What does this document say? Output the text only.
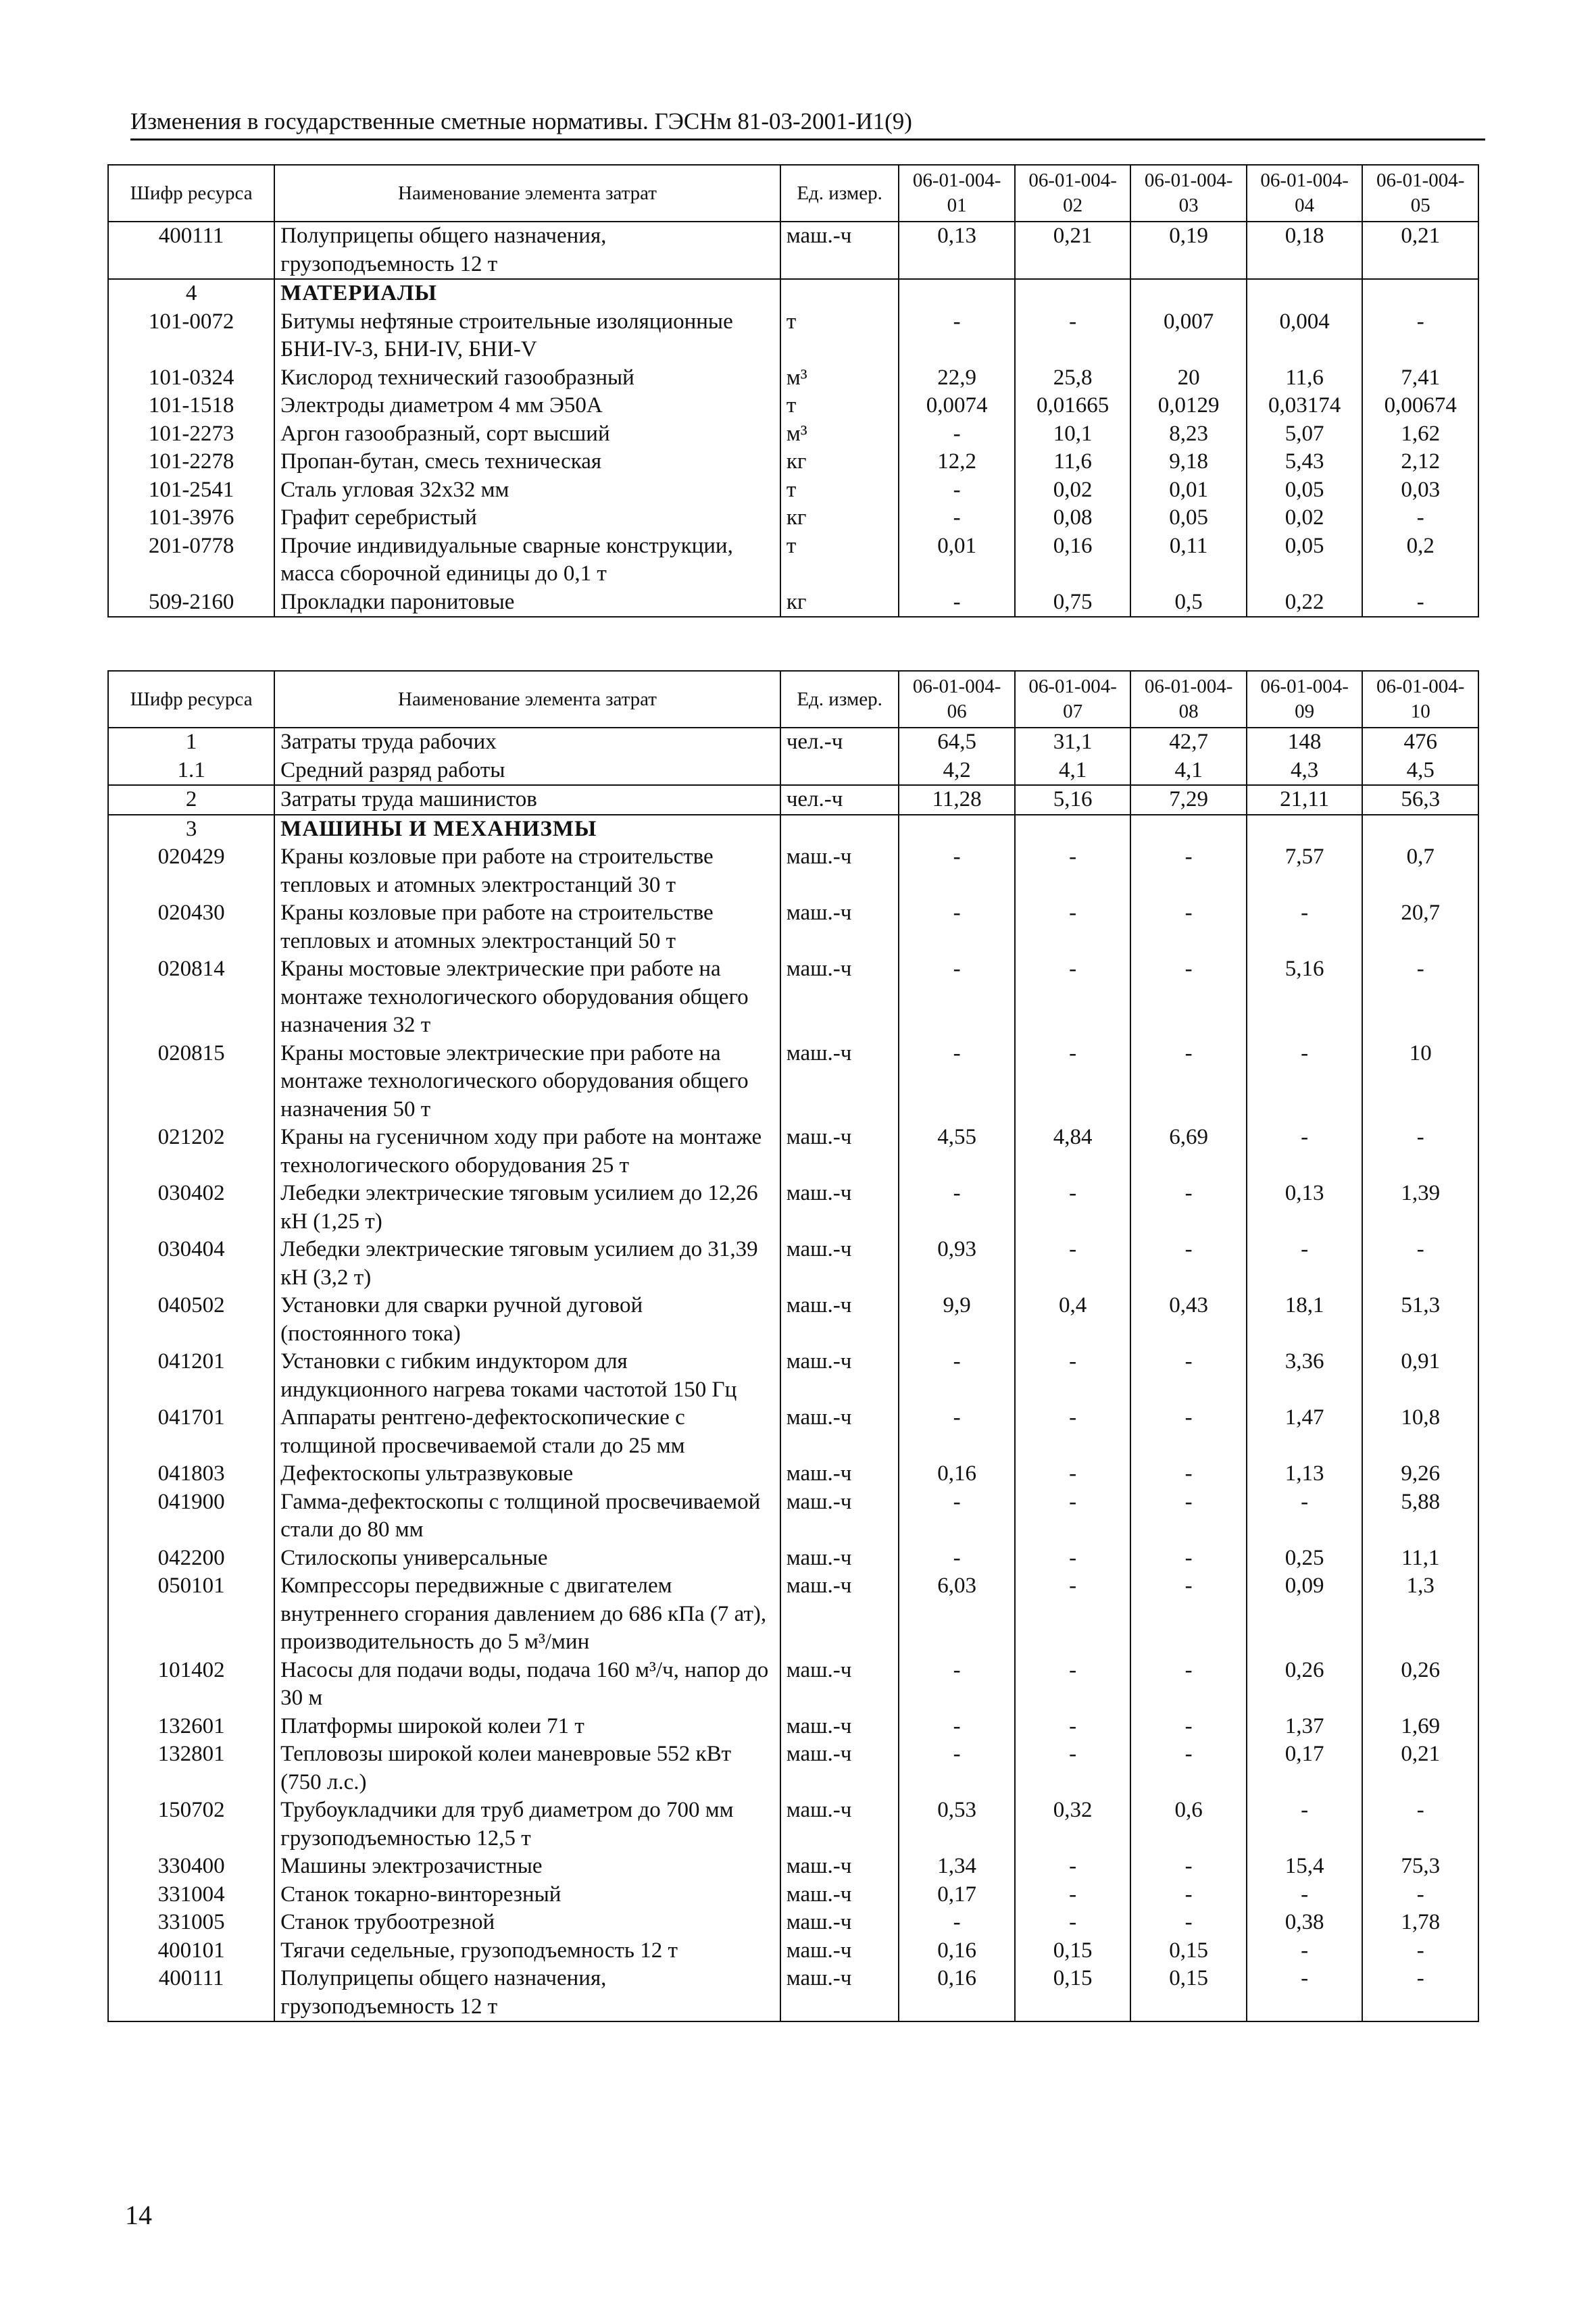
Изменения в государственные сметные нормативы. ГЭСНм 81-03-2001-И1(9)
Шифр ресурса	Наименование элемента затрат	Ед. измер.	06-01-004-01	06-01-004-02	06-01-004-03	06-01-004-04	06-01-004-05
400111	Полуприцепы общего назначения, грузоподъемность 12 т	маш.-ч	0,13	0,21	0,19	0,18	0,21
4	МАТЕРИАЛЫ						
101-0072	Битумы нефтяные строительные изоляционные БНИ-IV-3, БНИ-IV, БНИ-V	т	-	-	0,007	0,004	-
101-0324	Кислород технический газообразный	м³	22,9	25,8	20	11,6	7,41
101-1518	Электроды диаметром 4 мм Э50А	т	0,0074	0,01665	0,0129	0,03174	0,00674
101-2273	Аргон газообразный, сорт высший	м³	-	10,1	8,23	5,07	1,62
101-2278	Пропан-бутан, смесь техническая	кг	12,2	11,6	9,18	5,43	2,12
101-2541	Сталь угловая 32х32 мм	т	-	0,02	0,01	0,05	0,03
101-3976	Графит серебристый	кг	-	0,08	0,05	0,02	-
201-0778	Прочие индивидуальные сварные конструкции, масса сборочной единицы до 0,1 т	т	0,01	0,16	0,11	0,05	0,2
509-2160	Прокладки паронитовые	кг	-	0,75	0,5	0,22	-
Шифр ресурса	Наименование элемента затрат	Ед. измер.	06-01-004-06	06-01-004-07	06-01-004-08	06-01-004-09	06-01-004-10
1	Затраты труда рабочих	чел.-ч	64,5	31,1	42,7	148	476
1.1	Средний разряд работы		4,2	4,1	4,1	4,3	4,5
2	Затраты труда машинистов	чел.-ч	11,28	5,16	7,29	21,11	56,3
3	МАШИНЫ И МЕХАНИЗМЫ						
020429	Краны козловые при работе на строительстве тепловых и атомных электростанций 30 т	маш.-ч	-	-	-	7,57	0,7
020430	Краны козловые при работе на строительстве тепловых и атомных электростанций 50 т	маш.-ч	-	-	-	-	20,7
020814	Краны мостовые электрические при работе на монтаже технологического оборудования общего назначения 32 т	маш.-ч	-	-	-	5,16	-
020815	Краны мостовые электрические при работе на монтаже технологического оборудования общего назначения 50 т	маш.-ч	-	-	-	-	10
021202	Краны на гусеничном ходу при работе на монтаже технологического оборудования 25 т	маш.-ч	4,55	4,84	6,69	-	-
030402	Лебедки электрические тяговым усилием до 12,26 кН (1,25 т)	маш.-ч	-	-	-	0,13	1,39
030404	Лебедки электрические тяговым усилием до 31,39 кН (3,2 т)	маш.-ч	0,93	-	-	-	-
040502	Установки для сварки ручной дуговой (постоянного тока)	маш.-ч	9,9	0,4	0,43	18,1	51,3
041201	Установки с гибким индуктором для индукционного нагрева токами частотой 150 Гц	маш.-ч	-	-	-	3,36	0,91
041701	Аппараты рентгено-дефектоскопические с толщиной просвечиваемой стали до 25 мм	маш.-ч	-	-	-	1,47	10,8
041803	Дефектоскопы ультразвуковые	маш.-ч	0,16	-	-	1,13	9,26
041900	Гамма-дефектоскопы с толщиной просвечиваемой стали до 80 мм	маш.-ч	-	-	-	-	5,88
042200	Стилоскопы универсальные	маш.-ч	-	-	-	0,25	11,1
050101	Компрессоры передвижные с двигателем внутреннего сгорания давлением до 686 кПа (7 ат), производительность до 5 м³/мин	маш.-ч	6,03	-	-	0,09	1,3
101402	Насосы для подачи воды, подача 160 м³/ч, напор до 30 м	маш.-ч	-	-	-	0,26	0,26
132601	Платформы широкой колеи 71 т	маш.-ч	-	-	-	1,37	1,69
132801	Тепловозы широкой колеи маневровые 552 кВт (750 л.с.)	маш.-ч	-	-	-	0,17	0,21
150702	Трубоукладчики для труб диаметром до 700 мм грузоподъемностью 12,5 т	маш.-ч	0,53	0,32	0,6	-	-
330400	Машины электрозачистные	маш.-ч	1,34	-	-	15,4	75,3
331004	Станок токарно-винторезный	маш.-ч	0,17	-	-	-	-
331005	Станок трубоотрезной	маш.-ч	-	-	-	0,38	1,78
400101	Тягачи седельные, грузоподъемность 12 т	маш.-ч	0,16	0,15	0,15	-	-
400111	Полуприцепы общего назначения, грузоподъемность 12 т	маш.-ч	0,16	0,15	0,15	-	-
14
